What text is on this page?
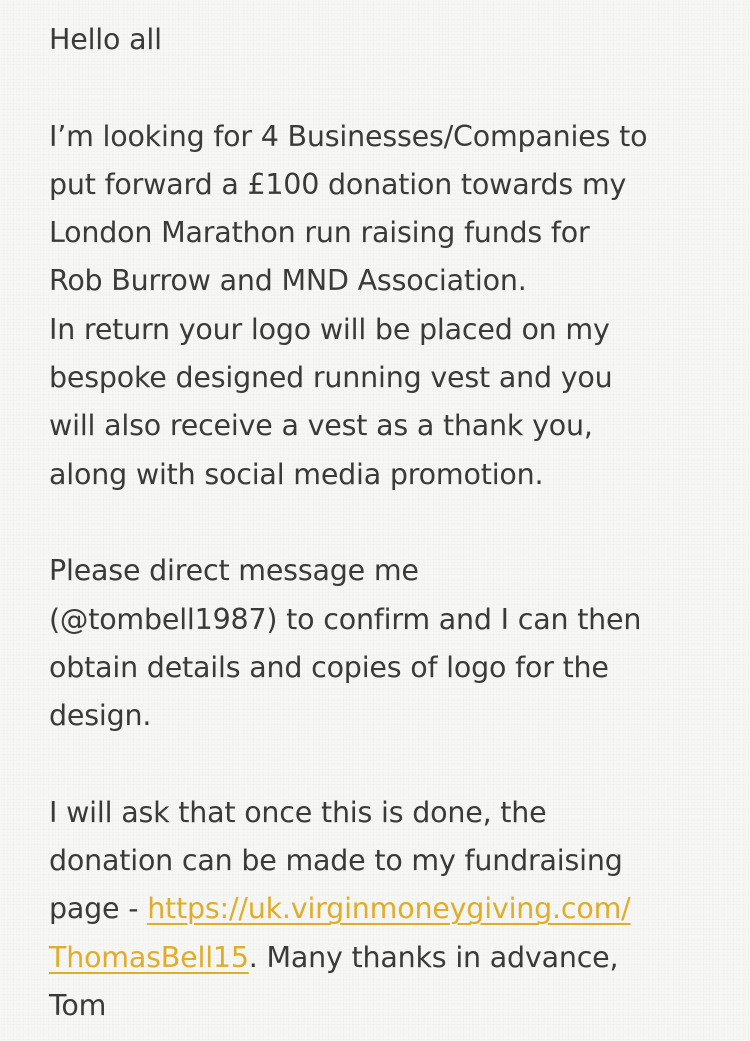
Hello all
I’m looking for 4 Businesses/Companies to
put forward a £100 donation towards my
London Marathon run raising funds for
Rob Burrow and MND Association.
In return your logo will be placed on my
bespoke designed running vest and you
will also receive a vest as a thank you,
along with social media promotion.
Please direct message me
(@tombell1987) to confirm and I can then
obtain details and copies of logo for the
design.
I will ask that once this is done, the
donation can be made to my fundraising
page - https://uk.virginmoneygiving.com/
ThomasBell15. Many thanks in advance,
Tom
